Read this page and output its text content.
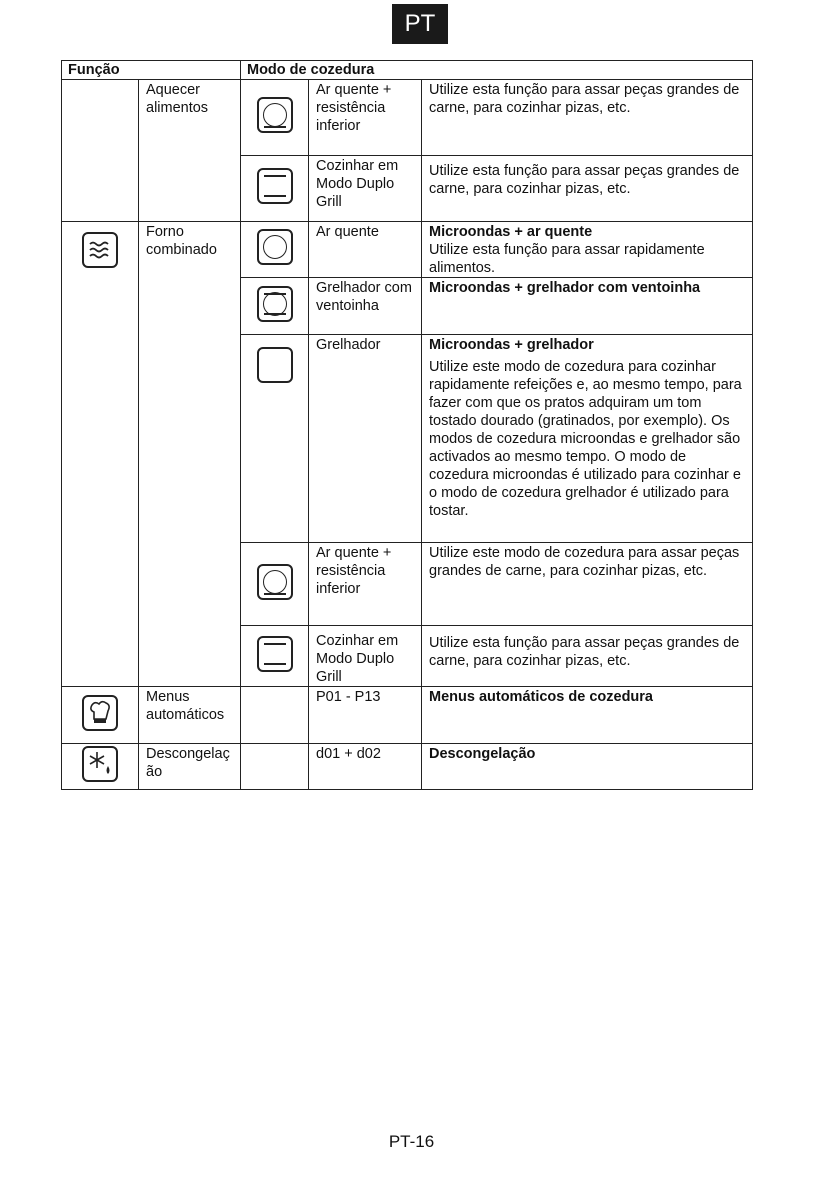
PT
Função		Modo de cozedura		
	Aquecer alimentos		Ar quente + resistência inferior	Utilize esta função para assar peças grandes de carne, para cozinhar pizas, etc.
			Cozinhar em Modo Duplo Grill	Utilize esta função para assar peças grandes de carne, para cozinhar pizas, etc.

	Forno combinado		Ar quente	Microondas + ar quente
Utilize esta função para assar rapidamente alimentos.

			Grelhador com ventoinha	Microondas + grelhador com ventoinha

			Grelhador	Microondas + grelhador
Utilize este modo de cozedura para cozinhar rapidamente refeições e, ao mesmo tempo, para fazer com que os pratos adquiram um tom tostado dourado (gratinados, por exemplo). Os modos de cozedura microondas e grelhador são activados ao mesmo tempo. O modo de cozedura microondas é utilizado para cozinhar e o modo de cozedura grelhador é utilizado para tostar.

			Ar quente + resistência inferior	Utilize este modo de cozedura para assar peças grandes de carne, para cozinhar pizas, etc.
			Cozinhar em Modo Duplo Grill	Utilize esta função para assar peças grandes de carne, para cozinhar pizas, etc.

	Menus automáticos		P01 - P13	Menus automáticos de cozedura

	Descongelação		d01 + d02	Descongelação
PT-16
